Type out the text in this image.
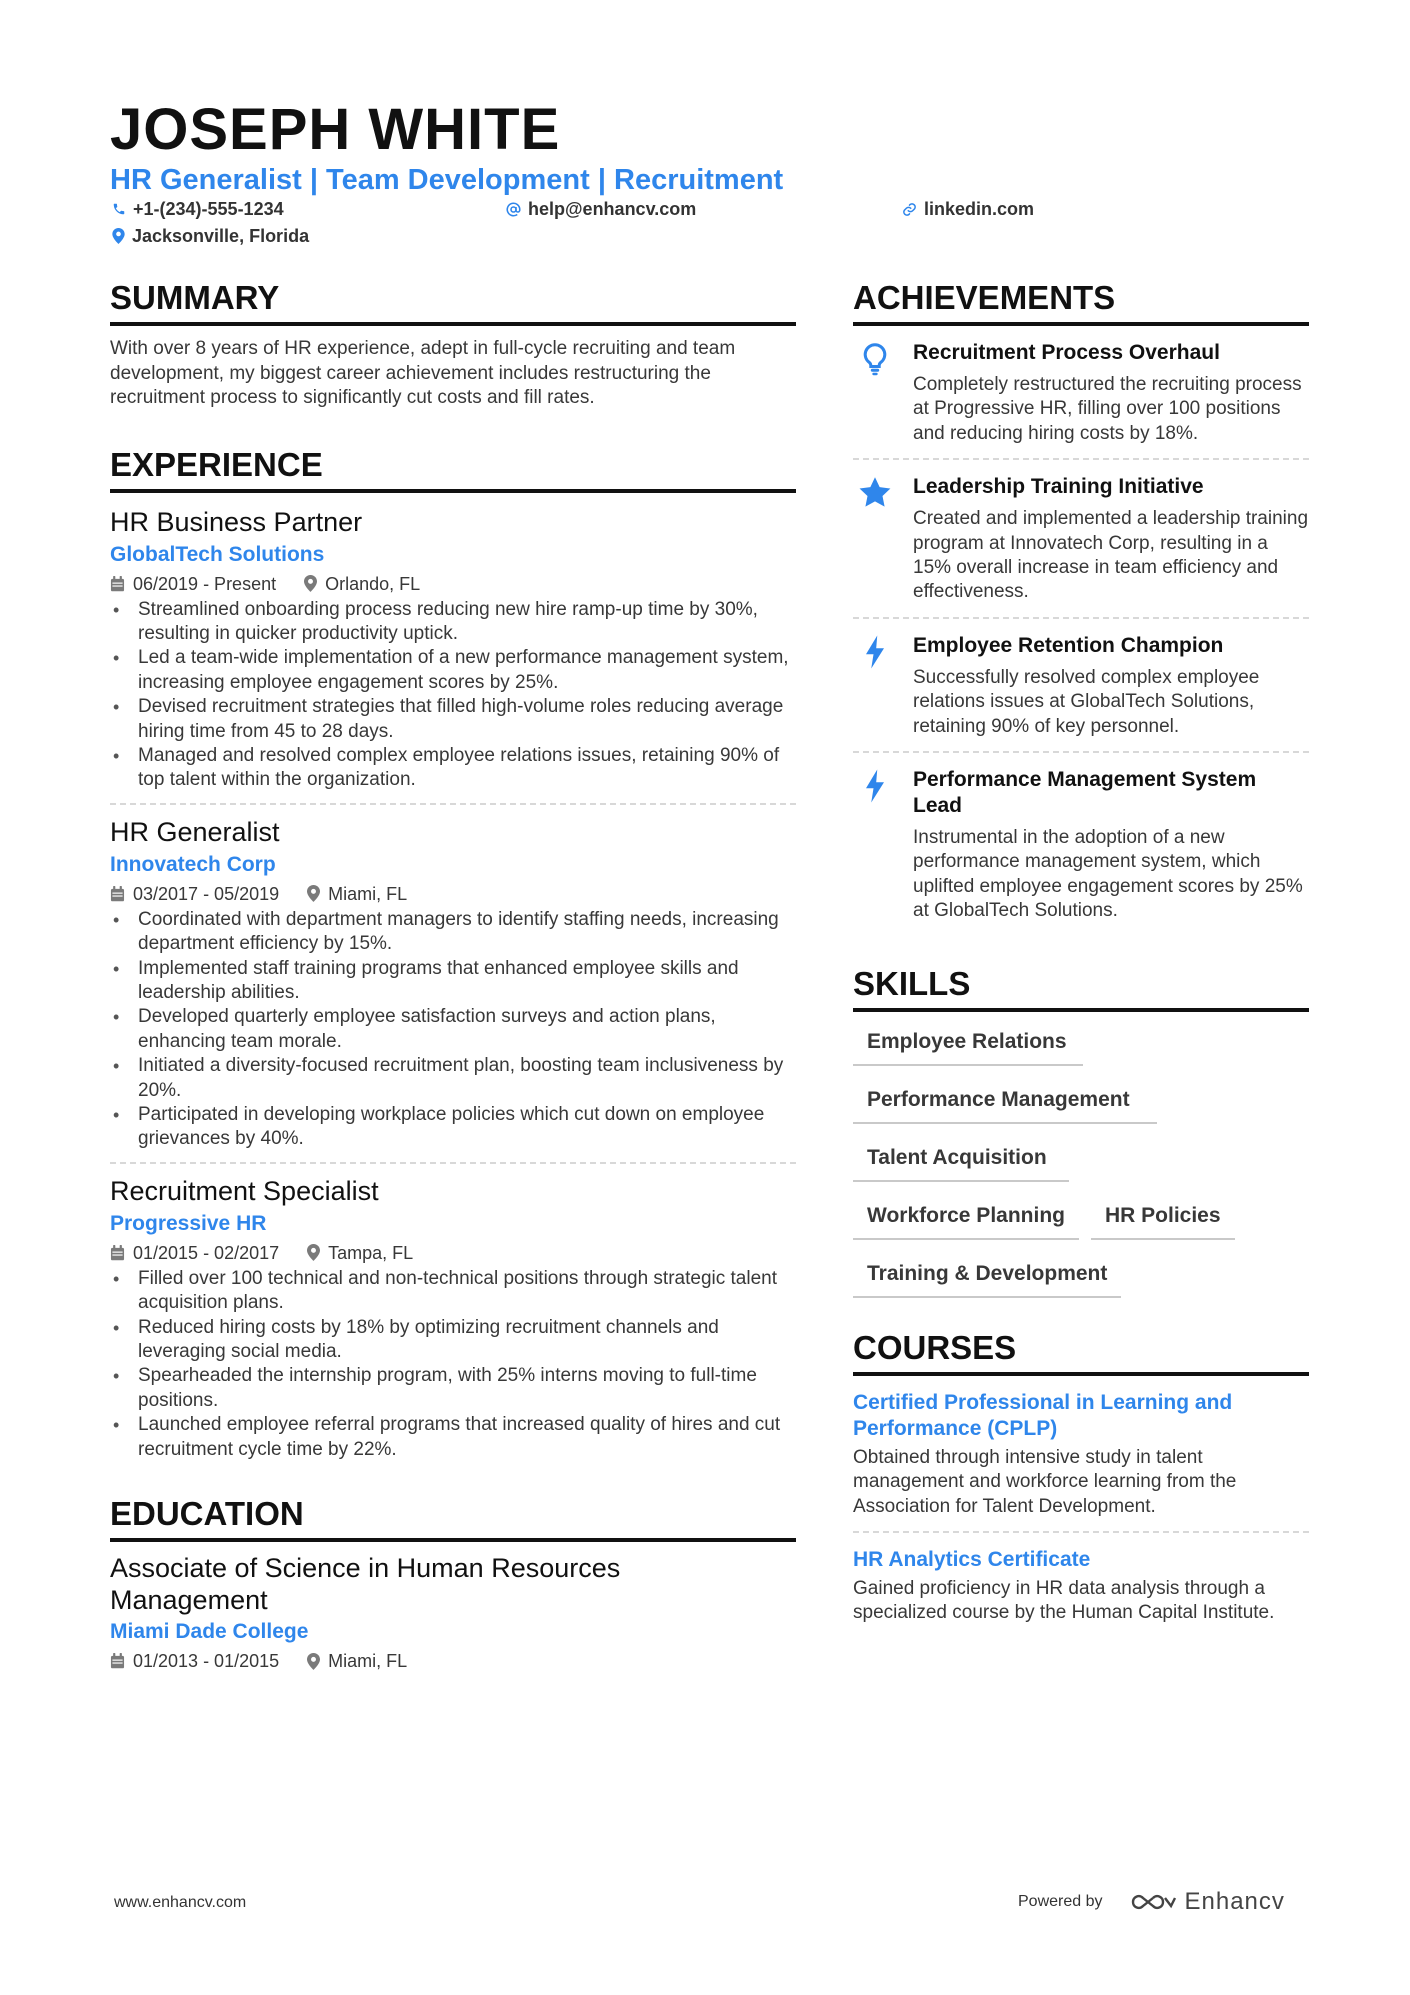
JOSEPH WHITE
HR Generalist | Team Development | Recruitment
+1-(234)-555-1234	help@enhancv.com	linkedin.com
Jacksonville, Florida
SUMMARY
With over 8 years of HR experience, adept in full-cycle recruiting and team development, my biggest career achievement includes restructuring the recruitment process to significantly cut costs and fill rates.
EXPERIENCE
HR Business Partner
GlobalTech Solutions
06/2019 - Present	Orlando, FL
• Streamlined onboarding process reducing new hire ramp-up time by 30%, resulting in quicker productivity uptick.
• Led a team-wide implementation of a new performance management system, increasing employee engagement scores by 25%.
• Devised recruitment strategies that filled high-volume roles reducing average hiring time from 45 to 28 days.
• Managed and resolved complex employee relations issues, retaining 90% of top talent within the organization.
HR Generalist
Innovatech Corp
03/2017 - 05/2019	Miami, FL
• Coordinated with department managers to identify staffing needs, increasing department efficiency by 15%.
• Implemented staff training programs that enhanced employee skills and leadership abilities.
• Developed quarterly employee satisfaction surveys and action plans, enhancing team morale.
• Initiated a diversity-focused recruitment plan, boosting team inclusiveness by 20%.
• Participated in developing workplace policies which cut down on employee grievances by 40%.
Recruitment Specialist
Progressive HR
01/2015 - 02/2017	Tampa, FL
• Filled over 100 technical and non-technical positions through strategic talent acquisition plans.
• Reduced hiring costs by 18% by optimizing recruitment channels and leveraging social media.
• Spearheaded the internship program, with 25% interns moving to full-time positions.
• Launched employee referral programs that increased quality of hires and cut recruitment cycle time by 22%.
EDUCATION
Associate of Science in Human Resources Management
Miami Dade College
01/2013 - 01/2015	Miami, FL
ACHIEVEMENTS
Recruitment Process Overhaul
Completely restructured the recruiting process at Progressive HR, filling over 100 positions and reducing hiring costs by 18%.
Leadership Training Initiative
Created and implemented a leadership training program at Innovatech Corp, resulting in a 15% overall increase in team efficiency and effectiveness.
Employee Retention Champion
Successfully resolved complex employee relations issues at GlobalTech Solutions, retaining 90% of key personnel.
Performance Management System Lead
Instrumental in the adoption of a new performance management system, which uplifted employee engagement scores by 25% at GlobalTech Solutions.
SKILLS
Employee Relations
Performance Management
Talent Acquisition
Workforce Planning	HR Policies
Training & Development
COURSES
Certified Professional in Learning and Performance (CPLP)
Obtained through intensive study in talent management and workforce learning from the Association for Talent Development.
HR Analytics Certificate
Gained proficiency in HR data analysis through a specialized course by the Human Capital Institute.
www.enhancv.com	Powered by	Enhancv
